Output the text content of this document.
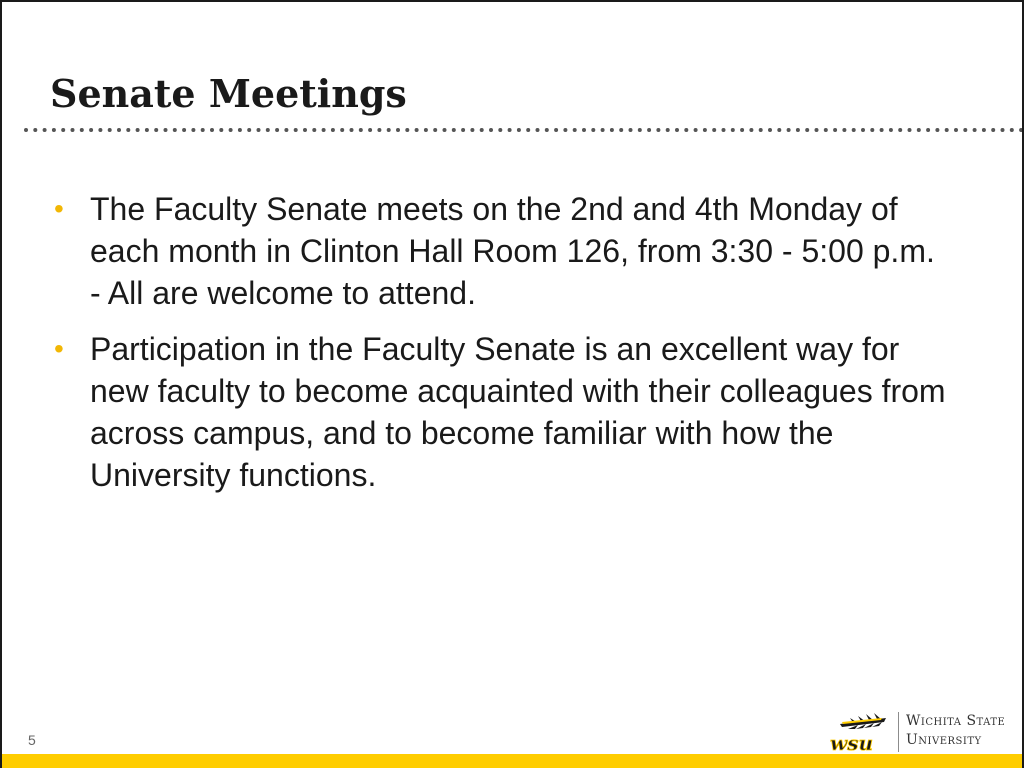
Senate Meetings
• The Faculty Senate meets on the 2nd and 4th Monday of each month in Clinton Hall Room 126, from 3:30 - 5:00 p.m. - All are welcome to attend.
• Participation in the Faculty Senate is an excellent way for new faculty to become acquainted with their colleagues from across campus, and to become familiar with how the University functions.
5	wsu
Wichita State
University
